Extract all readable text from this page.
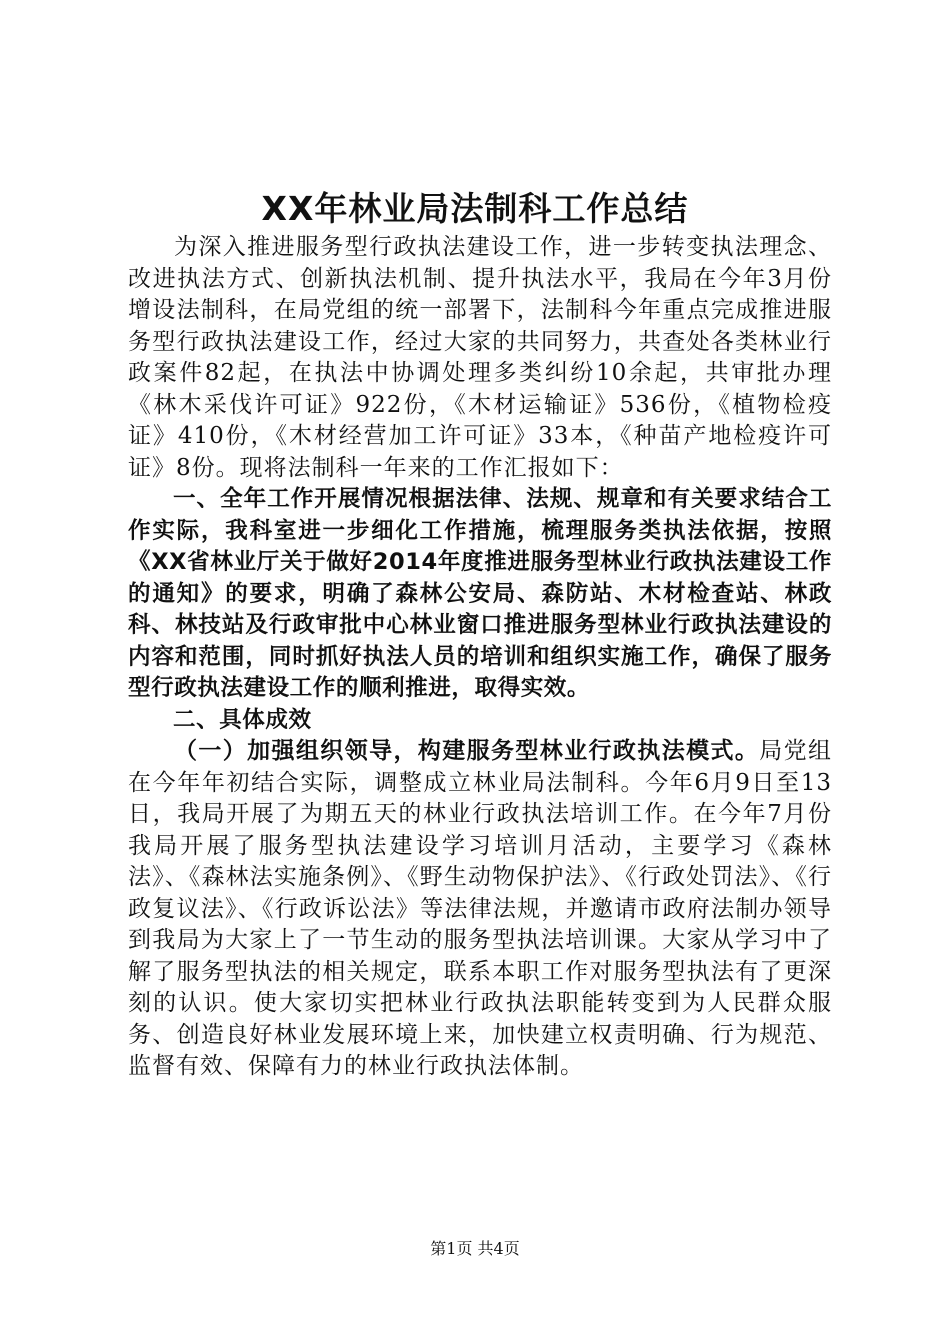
XX年林业局法制科工作总结

为深入推进服务型行政执法建设工作，进一步转变执法理念、改进执法方式、创新执法机制、提升执法水平，我局在今年3月份增设法制科，在局党组的统一部署下，法制科今年重点完成推进服务型行政执法建设工作，经过大家的共同努力，共查处各类林业行政案件82起，在执法中协调处理多类纠纷10余起，共审批办理《林木采伐许可证》922份，《木材运输证》536份，《植物检疫证》410份，《木材经营加工许可证》33本，《种苗产地检疫许可证》8份。现将法制科一年来的工作汇报如下：

一、全年工作开展情况根据法律、法规、规章和有关要求结合工作实际，我科室进一步细化工作措施，梳理服务类执法依据，按照《XX省林业厅关于做好2014年度推进服务型林业行政执法建设工作的通知》的要求，明确了森林公安局、森防站、木材检查站、林政科、林技站及行政审批中心林业窗口推进服务型林业行政执法建设的内容和范围，同时抓好执法人员的培训和组织实施工作，确保了服务型行政执法建设工作的顺利推进，取得实效。

二、具体成效

（一）加强组织领导，构建服务型林业行政执法模式。局党组在今年年初结合实际，调整成立林业局法制科。今年6月9日至13日，我局开展了为期五天的林业行政执法培训工作。在今年7月份我局开展了服务型执法建设学习培训月活动，主要学习《森林法》、《森林法实施条例》、《野生动物保护法》、《行政处罚法》、《行政复议法》、《行政诉讼法》等法律法规，并邀请市政府法制办领导到我局为大家上了一节生动的服务型执法培训课。大家从学习中了解了服务型执法的相关规定，联系本职工作对服务型执法有了更深刻的认识。使大家切实把林业行政执法职能转变到为人民群众服务、创造良好林业发展环境上来，加快建立权责明确、行为规范、监督有效、保障有力的林业行政执法体制。

第1页 共4页
